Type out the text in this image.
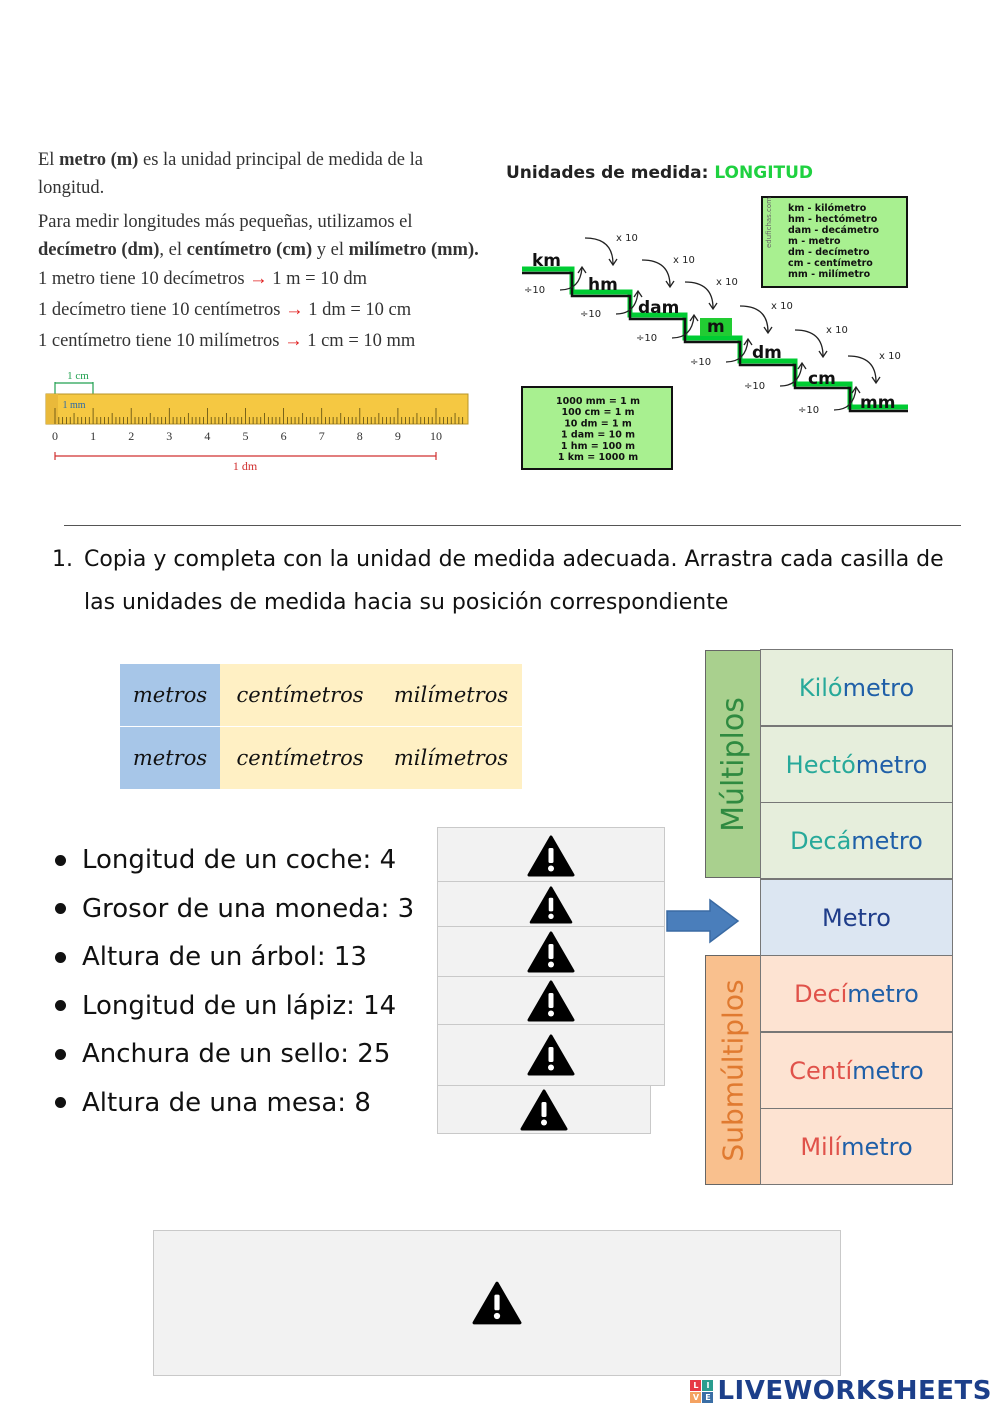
El metro (m) es la unidad principal de medida de la longitud.

Para medir longitudes más pequeñas, utilizamos el decímetro (dm), el centímetro (cm) y el milímetro (mm).

1 metro tiene 10 decímetros → 1 m = 10 dm

1 decímetro tiene 10 centímetros → 1 dm = 10 cm

1 centímetro tiene 10 milímetros → 1 cm = 10 mm

1 cm
1 mm
0	1	2	3	4	5	6	7	8	9 10
1 dm
Unidades de medida: LONGITUD
edufichas.com km - kilómetro
hm - hectómetro
dam - decámetro
m - metro
dm - decímetro
cm - centímetro
mm - milímetro
1000 mm = 1 m
100 cm = 1 m
10 dm = 1 m
1 dam = 10 m
1 hm = 100 m
1 km = 1000 m
km
hm
dam
m
dm
cm
mm
x 10
x 10
x 10
x 10
x 10
x 10
÷10
÷10
÷10
÷10
÷10
÷10
1. Copia y completa con la unidad de medida adecuada. Arrastra cada casilla de las unidades de medida hacia su posición correspondiente
metros	centímetros	milímetros
metros	centímetros	milímetros
Longitud de un coche: 4
Grosor de una moneda: 3
Altura de un árbol: 13
Longitud de un lápiz: 14
Anchura de un sello: 25
Altura de una mesa: 8
Múltiplos
Submúltiplos
Kiló metro
Hectó metro
Decá metro
Metro
Decí metro
Centí metro
Milí metro
L I
V E LIVEWORKSHEETS
